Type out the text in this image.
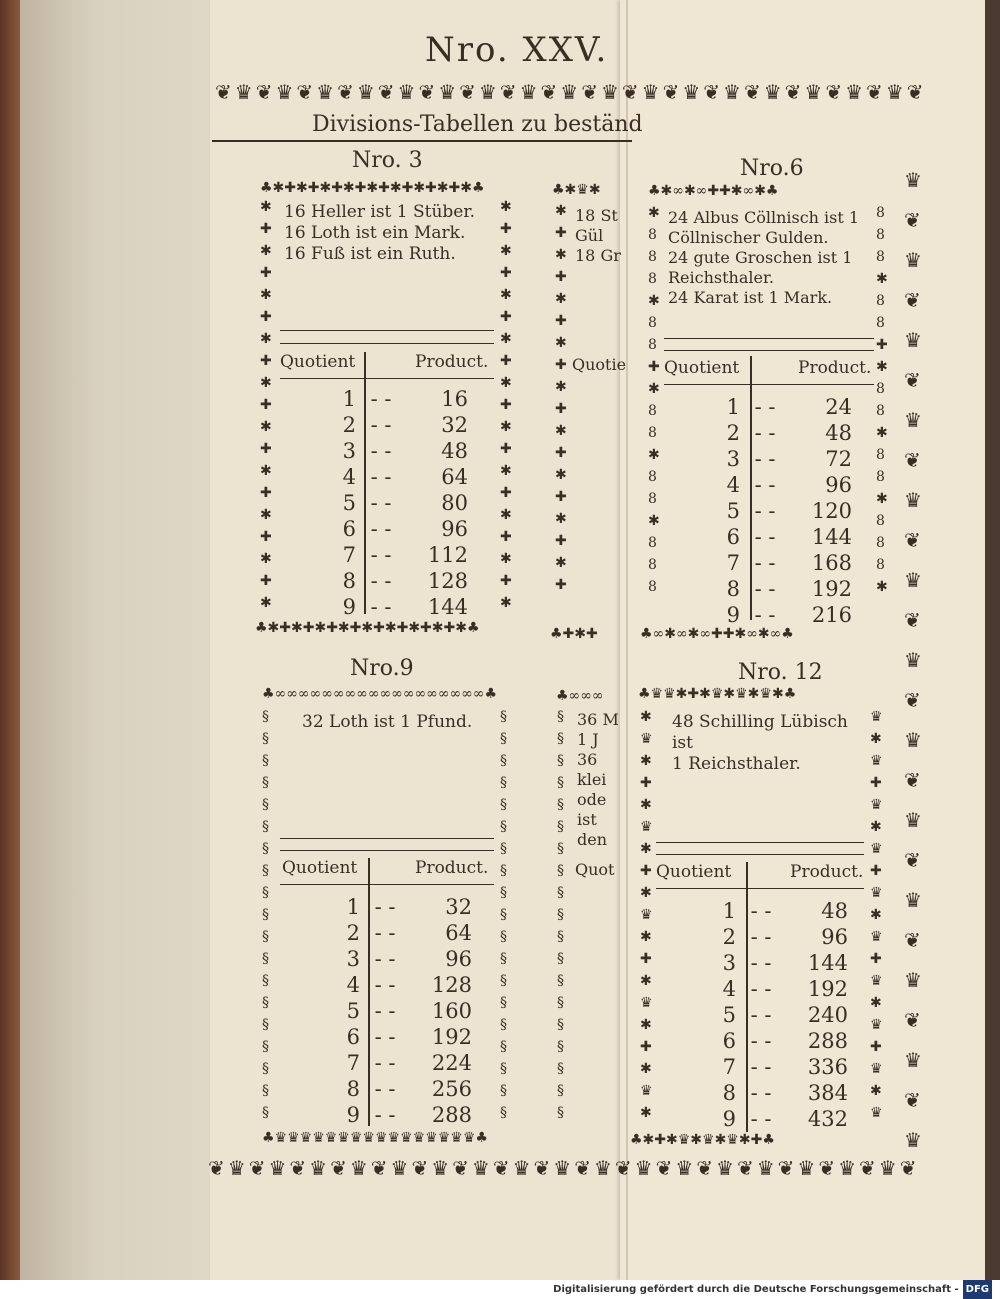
Nro. XXV.
❦♛❦♛❦♛❦♛❦♛❦♛❦♛❦♛❦♛❦♛❦♛❦♛❦♛❦♛❦♛❦♛❦♛❦
Divisions-Tabellen zu beständ
Nro. 3
♣✱✚✱✚✱✚✱✚✱✚✱✚✱✚✱✚✱♣
✱
✚
✱
✚
✱
✚
✱
✚
✱
✚
✱
✚
✱
✚
✱
✚
✱
✚
✱
✱
✚
✱
✚
✱
✚
✱
✚
✱
✚
✱
✚
✱
✚
✱
✚
✱
✚
✱
♣✱✚✱✚✱✚✱✚✱✚✱✚✱✚✱✚✱♣
16 Heller ist 1 Stüber.
16 Loth ist ein Mark.
16 Fuß ist ein Ruth.
Quotient	Product.
1 - -	16
2 - -	32
3 - -	48
4 - -	64
5 - -	80
6 - -	96
7 - -	112
8 - -	128
9 - -	144
Nro.6
♣✱∞✱∞✚✚✱∞✱♣
✱
8
8
8
✱
8
8
✚
✱
8
8
✱
8
8
✱
8
8
8
8
8
8
✱
8
8
✚
✱
8
8
✱
8
8
✱
8
8
8
✱
♣∞✱∞✱∞✚✚✱∞✱∞♣
24 Albus Cöllnisch ist 1
Cöllnischer Gulden.
24 gute Groschen ist 1
Reichsthaler.
24 Karat ist 1 Mark.
Quotient	Product.
1 - -	24
2 - -	48
3 - -	72
4 - -	96
5 - -	120
6 - -	144
7 - -	168
8 - -	192
9 - -	216
♣✱♛✱
18 St
Gül
18 Gr
✱
✚
✱
✚
✱
✚
✱
✚
✱
✚
✱
✚
✱
✚
✱
✚
✱
✚
Quotie
♣✚✱✚
Nro.9
♣∞∞∞∞∞∞∞∞∞∞∞∞∞∞∞∞∞∞♣
§
§
§
§
§
§
§
§
§
§
§
§
§
§
§
§
§
§
§
§
§
§
§
§
§
§
§
§
§
§
§
§
§
§
§
§
§
§
♣♛♛♛♛♛♛♛♛♛♛♛♛♛♛♛♛♣
32 Loth ist 1 Pfund.
Quotient	Product.
1 - -	32
2 - -	64
3 - -	96
4 - -	128
5 - -	160
6 - -	192
7 - -	224
8 - -	256
9 - -	288
♣∞∞∞
36 M
1 J
36 klei
ode
ist
den
§
§
§
§
§
§
§
§
§
§
§
§
§
§
§
§
§
§
§
Quot
Nro. 12
♣♛♛✱✚✱♛✱♛✱♛✱♣
✱
♛
✱
✚
✱
♛
✱
✚
✱
♛
✱
✚
✱
♛
✱
✚
✱
♛
✱
♛
✱
♛
✚
♛
✱
♛
✚
♛
✱
♛
✚
♛
✱
♛
✚
♛
✱
♛
♣✱✚✱♛✱♛✱♛✱✚♣
48 Schilling Lübisch ist
1 Reichsthaler.
Quotient	Product.
1 - -	48
2 - -	96
3 - -	144
4 - -	192
5 - -	240
6 - -	288
7 - -	336
8 - -	384
9 - -	432
♛
❦
♛
❦
♛
❦
♛
❦
♛
❦
♛
❦
♛
❦
♛
❦
♛
❦
♛
❦
♛
❦
♛
❦
♛
❦♛❦♛❦♛❦♛❦♛❦♛❦♛❦♛❦♛❦♛❦♛❦♛❦♛❦♛❦♛❦♛❦♛❦
Digitalisierung gefördert durch die Deutsche Forschungsgemeinschaft - DFG
